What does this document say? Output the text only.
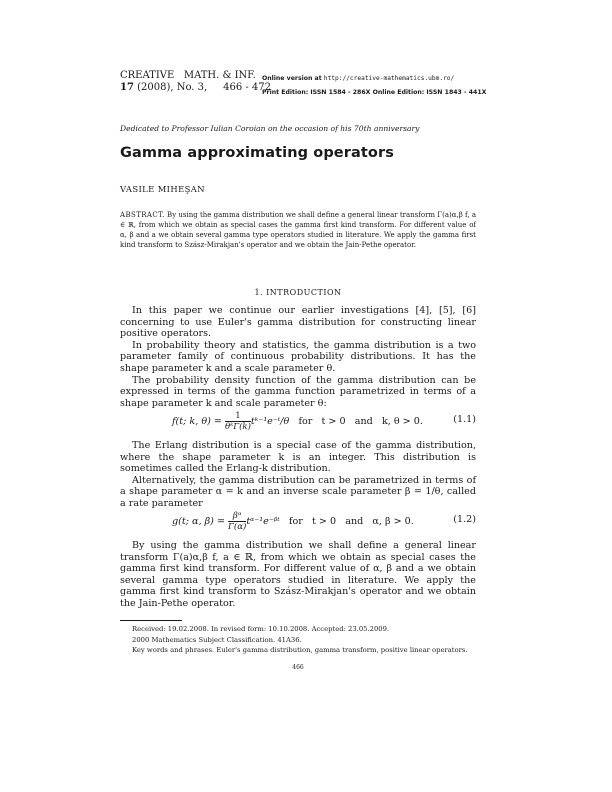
CREATIVE   MATH. & INF.
17 (2008), No. 3,     466 - 472
Online version at http://creative-mathematics.ubm.ro/
Print Edition: ISSN 1584 - 286X Online Edition: ISSN 1843 - 441X
Dedicated to Professor Iulian Coroian on the occasion of his 70th anniversary
Gamma approximating operators
VASILE MIHEŞAN
ABSTRACT. By using the gamma distribution we shall define a general linear transform Γ(a)α,β f, a ∈ ℝ, from which we obtain as special cases the gamma first kind transform. For different value of α, β and a we obtain several gamma type operators studied in literature. We apply the gamma first kind transform to Szász-Mirakjan's operator and we obtain the Jain-Pethe operator.
1. INTRODUCTION

In this paper we continue our earlier investigations [4], [5], [6] concerning to use Euler's gamma distribution for constructing linear positive operators.

In probability theory and statistics, the gamma distribution is a two parameter family of continuous probability distributions. It has the shape parameter k and a scale parameter θ.

The probability density function of the gamma distribution can be expressed in terms of the gamma function parametrized in terms of a shape parameter k and scale parameter θ:

f(t; k, $\theta) = \frac{1}{\text{θᵏΓ(k)}}$ tᵏ⁻¹e⁻ᵗ/θ   for   t > 0   and   k, θ > 0.	(1.1)

The Erlang distribution is a special case of the gamma distribution, where the shape parameter k is an integer. This distribution is sometimes called the Erlang-k distribution.

Alternatively, the gamma distribution can be parametrized in terms of a shape parameter α = k and an inverse scale parameter β = 1/θ, called a rate parameter

g(t; α, $\beta) = \frac{\text{βᵅ}}{\Gamma(\alpha)}$ tᵅ⁻¹e⁻ᵝᵗ   for   t > 0   and   α, β > 0.	(1.2)

By using the gamma distribution we shall define a general linear transform Γ(a)α,β f, a ∈ ℝ, from which we obtain as special cases the gamma first kind transform. For different value of α, β and a we obtain several gamma type operators studied in literature. We apply the gamma first kind transform to Szász-Mirakjan's operator and we obtain the Jain-Pethe operator.

Received: 19.02.2008. In revised form: 10.10.2008. Accepted: 23.05.2009.
2000 Mathematics Subject Classification. 41A36.
Key words and phrases. Euler's gamma distribution, gamma transform, positive linear operators.
466
